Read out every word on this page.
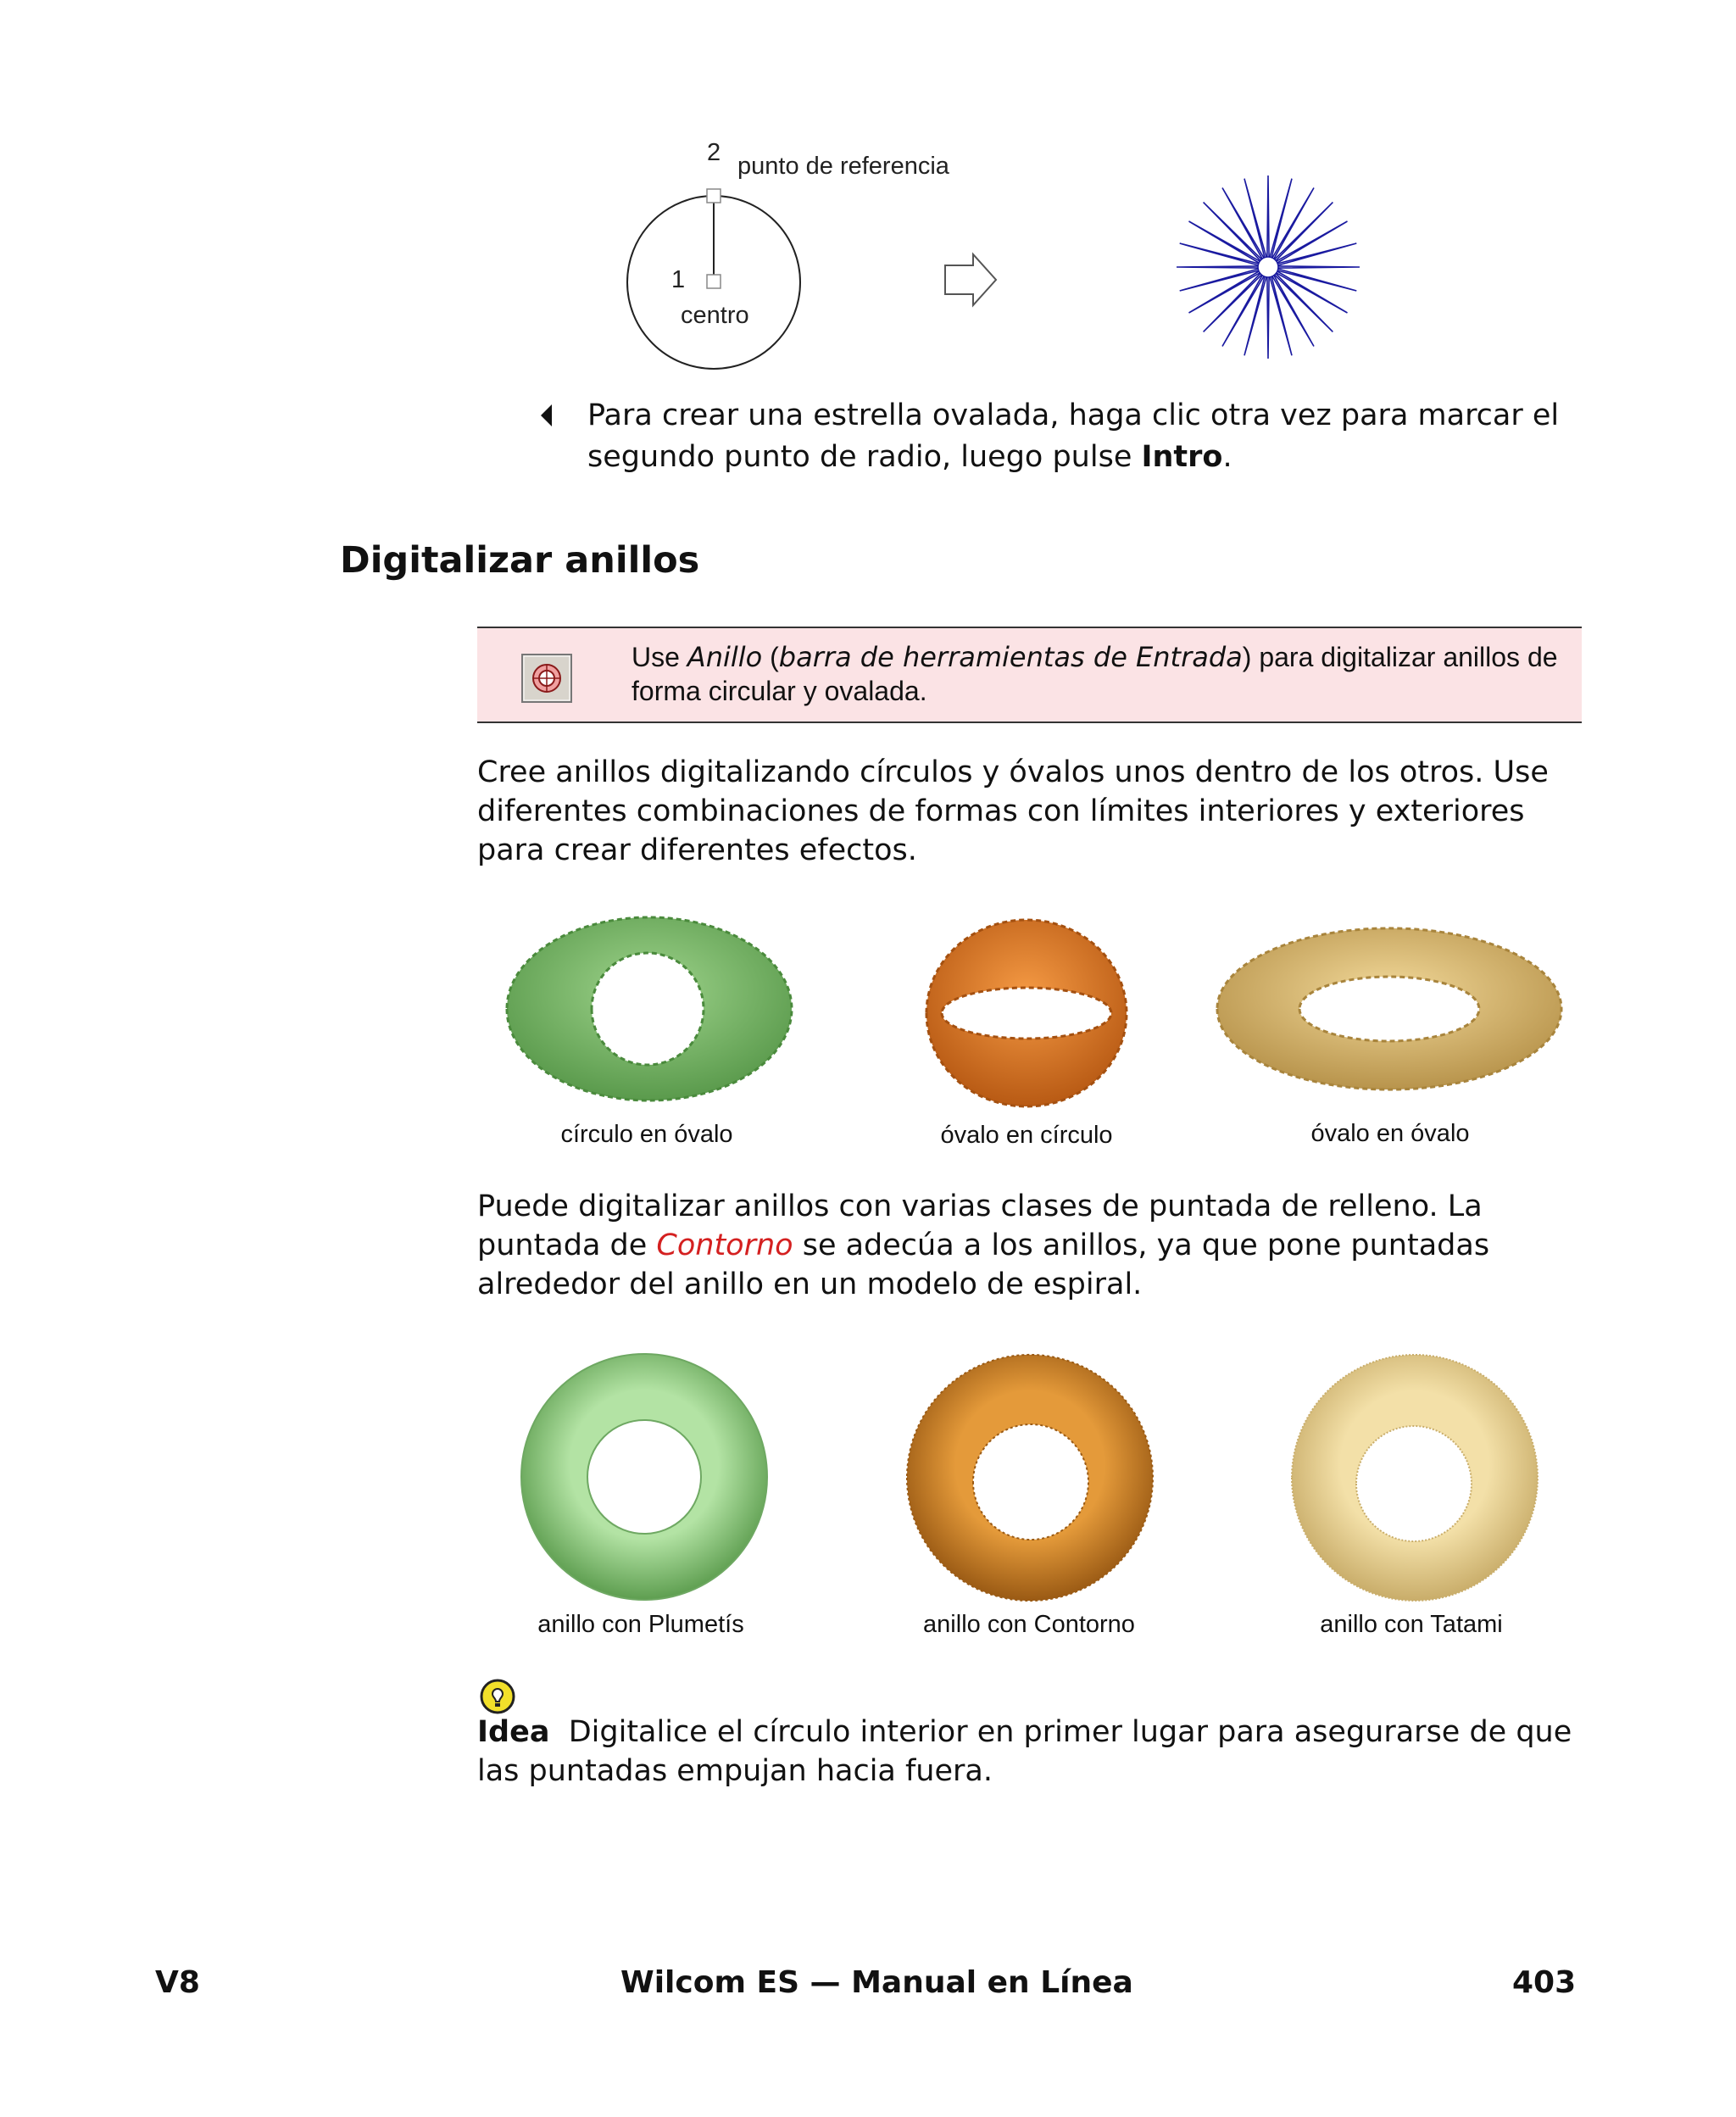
2 punto de referencia
1
centro
Para crear una estrella ovalada, haga clic otra vez para marcar el segundo punto de radio, luego pulse Intro.
Digitalizar anillos
Use Anillo (barra de herramientas de Entrada) para digitalizar anillos de forma circular y ovalada.
Cree anillos digitalizando círculos y óvalos unos dentro de los otros. Use diferentes combinaciones de formas con límites interiores y exteriores para crear diferentes efectos.
círculo en óvalo	óvalo en círculo	óvalo en óvalo
Puede digitalizar anillos con varias clases de puntada de relleno. La puntada de Contorno se adecúa a los anillos, ya que pone puntadas alrededor del anillo en un modelo de espiral.
anillo con Plumetís	anillo con Contorno	anillo con Tatami
Idea Digitalice el círculo interior en primer lugar para asegurarse de que las puntadas empujan hacia fuera.
V8	Wilcom ES — Manual en Línea	403
